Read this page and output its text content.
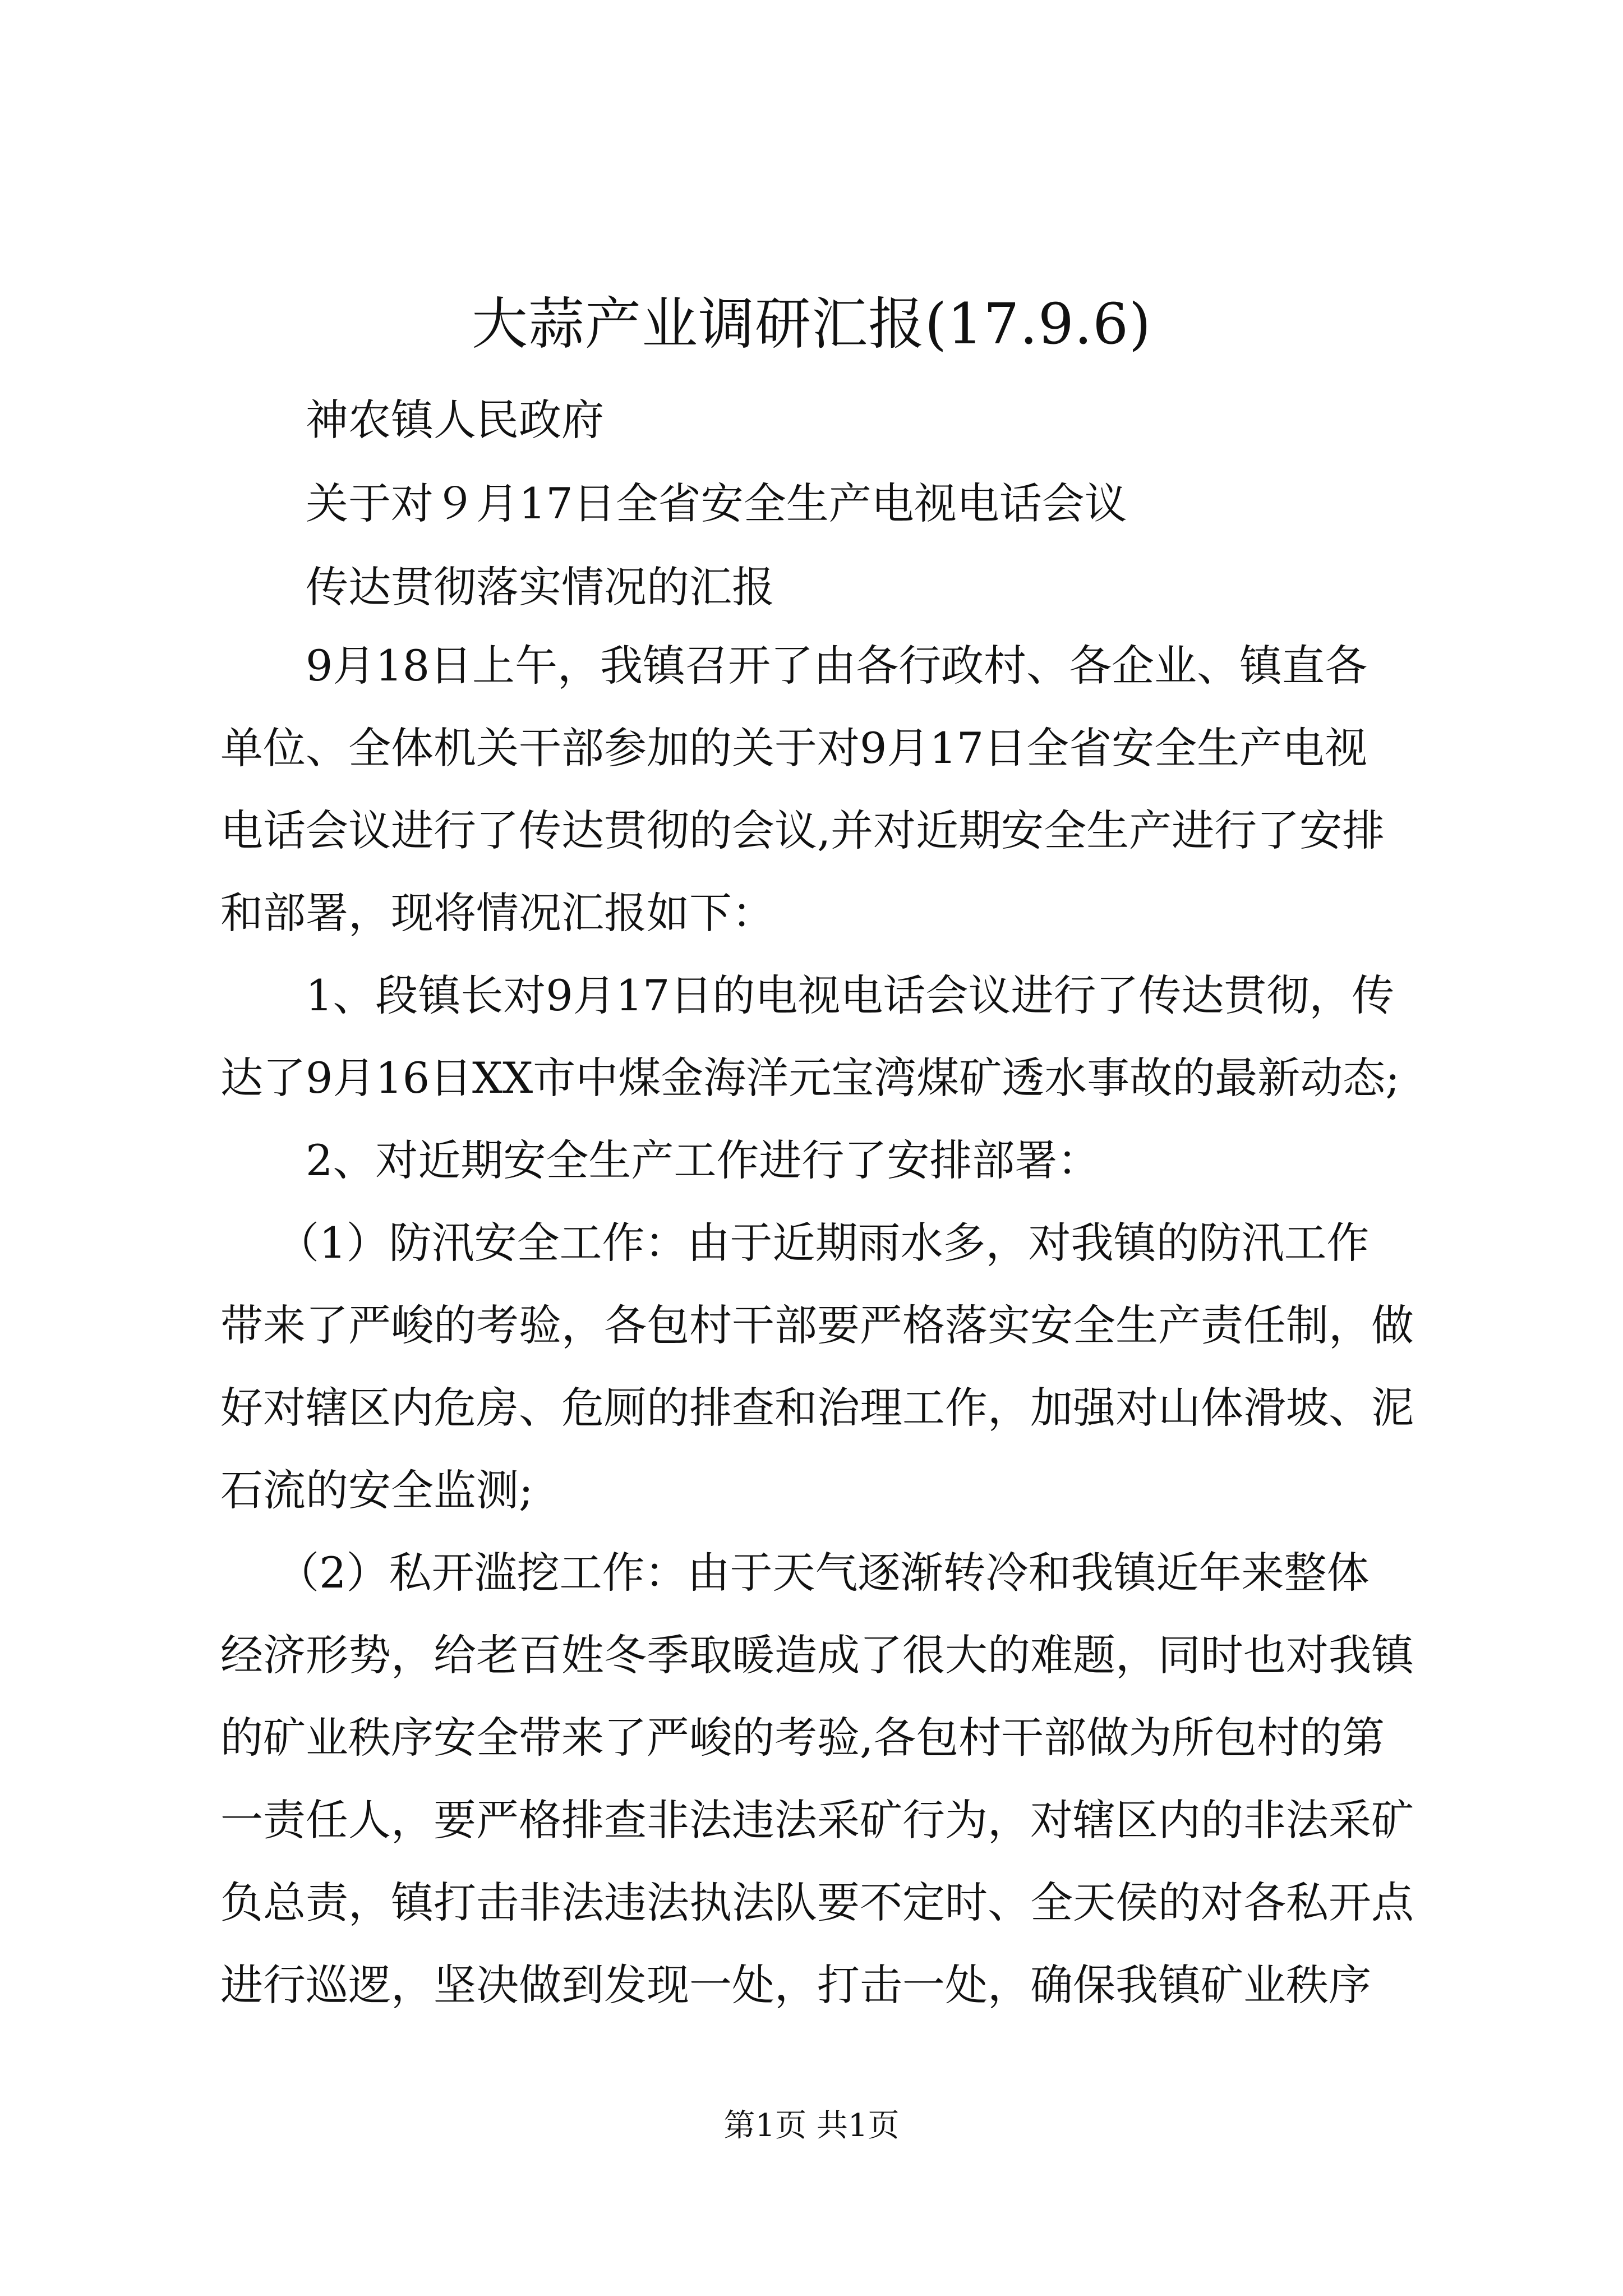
大蒜产业调研汇报(17.9.6)
神农镇人民政府
关于对９月17日全省安全生产电视电话会议
传达贯彻落实情况的汇报
　　9月18日上午，我镇召开了由各行政村、各企业、镇直各
单位、全体机关干部参加的关于对9月17日全省安全生产电视
电话会议进行了传达贯彻的会议,并对近期安全生产进行了安排
和部署，现将情况汇报如下：
　　1、段镇长对9月17日的电视电话会议进行了传达贯彻，传
达了9月16日XX市中煤金海洋元宝湾煤矿透水事故的最新动态;
　　2、对近期安全生产工作进行了安排部署：
　 （1）防汛安全工作：由于近期雨水多，对我镇的防汛工作
带来了严峻的考验，各包村干部要严格落实安全生产责任制，做
好对辖区内危房、危厕的排查和治理工作，加强对山体滑坡、泥
石流的安全监测;
　 （2）私开滥挖工作：由于天气逐渐转冷和我镇近年来整体
经济形势，给老百姓冬季取暖造成了很大的难题，同时也对我镇
的矿业秩序安全带来了严峻的考验,各包村干部做为所包村的第
一责任人，要严格排查非法违法采矿行为，对辖区内的非法采矿
负总责，镇打击非法违法执法队要不定时、全天侯的对各私开点
进行巡逻，坚决做到发现一处，打击一处，确保我镇矿业秩序
第1页 共1页
